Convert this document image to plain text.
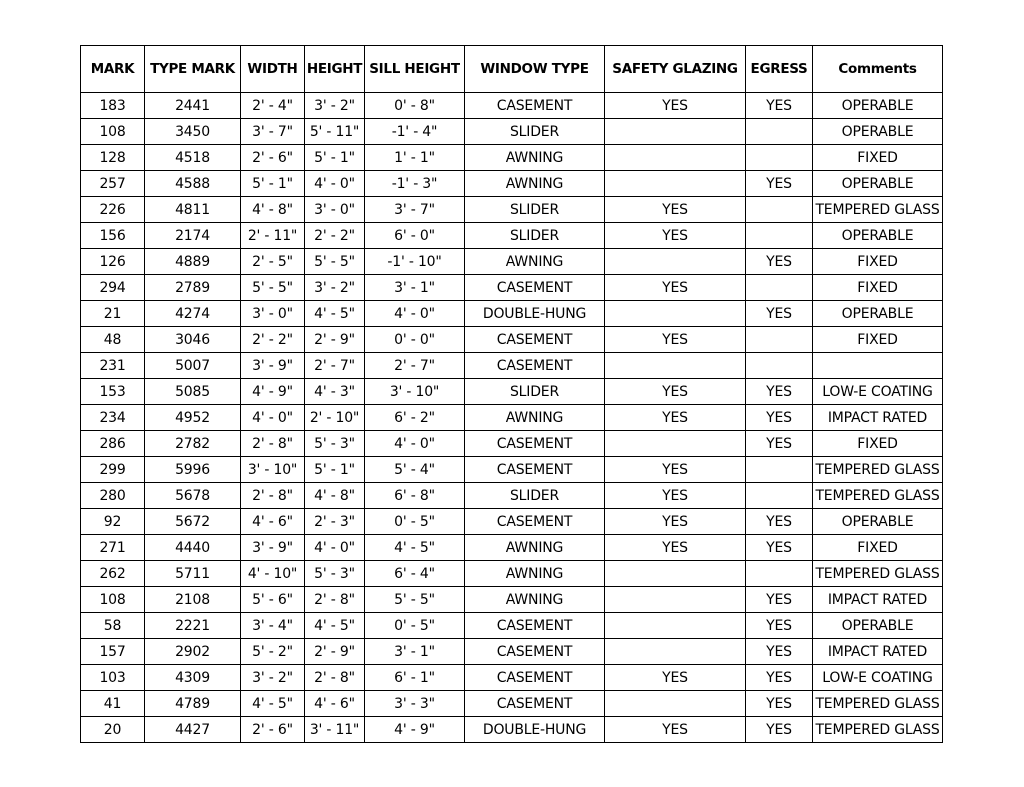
MARK	TYPE MARK	WIDTH	HEIGHT	SILL HEIGHT	WINDOW TYPE	SAFETY GLAZING	EGRESS	Comments
183	2441	2' - 4"	3' - 2"	0' - 8"	CASEMENT	YES	YES	OPERABLE
108	3450	3' - 7"	5' - 11"	-1' - 4"	SLIDER			OPERABLE
128	4518	2' - 6"	5' - 1"	1' - 1"	AWNING			FIXED
257	4588	5' - 1"	4' - 0"	-1' - 3"	AWNING		YES	OPERABLE
226	4811	4' - 8"	3' - 0"	3' - 7"	SLIDER	YES		TEMPERED GLASS
156	2174	2' - 11"	2' - 2"	6' - 0"	SLIDER	YES		OPERABLE
126	4889	2' - 5"	5' - 5"	-1' - 10"	AWNING		YES	FIXED
294	2789	5' - 5"	3' - 2"	3' - 1"	CASEMENT	YES		FIXED
21	4274	3' - 0"	4' - 5"	4' - 0"	DOUBLE-HUNG		YES	OPERABLE
48	3046	2' - 2"	2' - 9"	0' - 0"	CASEMENT	YES		FIXED
231	5007	3' - 9"	2' - 7"	2' - 7"	CASEMENT			
153	5085	4' - 9"	4' - 3"	3' - 10"	SLIDER	YES	YES	LOW-E COATING
234	4952	4' - 0"	2' - 10"	6' - 2"	AWNING	YES	YES	IMPACT RATED
286	2782	2' - 8"	5' - 3"	4' - 0"	CASEMENT		YES	FIXED
299	5996	3' - 10"	5' - 1"	5' - 4"	CASEMENT	YES		TEMPERED GLASS
280	5678	2' - 8"	4' - 8"	6' - 8"	SLIDER	YES		TEMPERED GLASS
92	5672	4' - 6"	2' - 3"	0' - 5"	CASEMENT	YES	YES	OPERABLE
271	4440	3' - 9"	4' - 0"	4' - 5"	AWNING	YES	YES	FIXED
262	5711	4' - 10"	5' - 3"	6' - 4"	AWNING			TEMPERED GLASS
108	2108	5' - 6"	2' - 8"	5' - 5"	AWNING		YES	IMPACT RATED
58	2221	3' - 4"	4' - 5"	0' - 5"	CASEMENT		YES	OPERABLE
157	2902	5' - 2"	2' - 9"	3' - 1"	CASEMENT		YES	IMPACT RATED
103	4309	3' - 2"	2' - 8"	6' - 1"	CASEMENT	YES	YES	LOW-E COATING
41	4789	4' - 5"	4' - 6"	3' - 3"	CASEMENT		YES	TEMPERED GLASS
20	4427	2' - 6"	3' - 11"	4' - 9"	DOUBLE-HUNG	YES	YES	TEMPERED GLASS
